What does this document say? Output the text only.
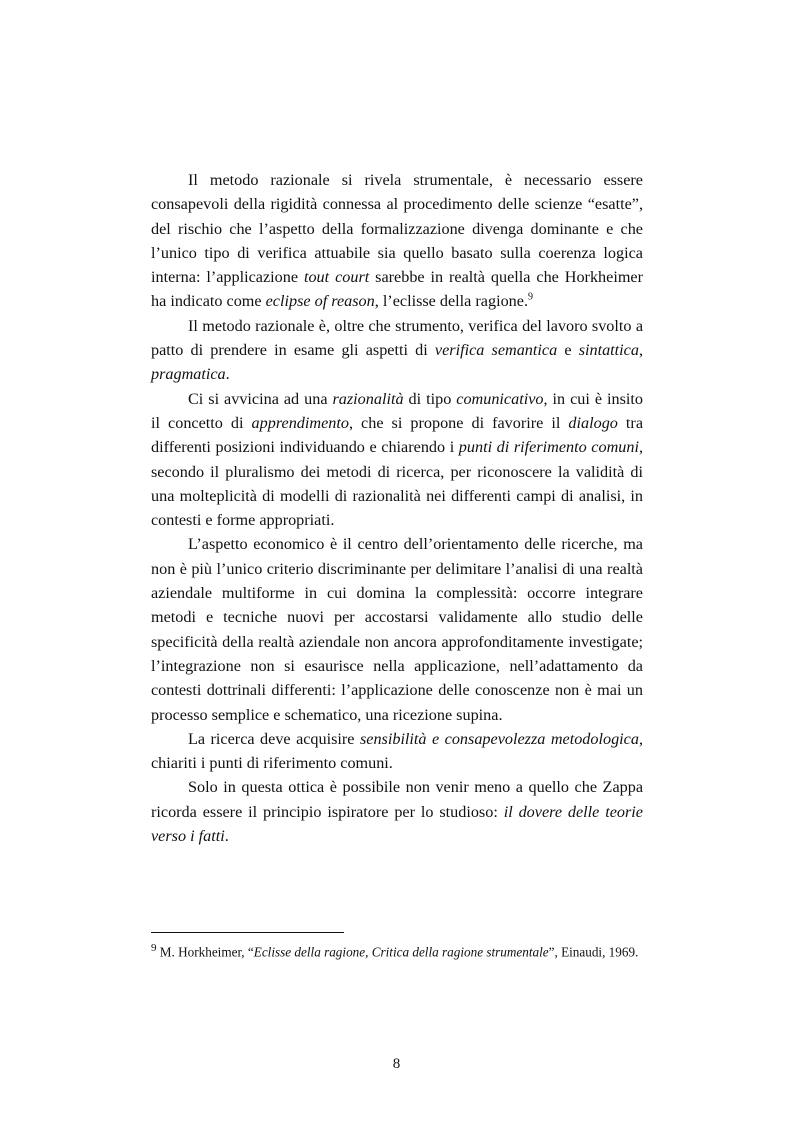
Il metodo razionale si rivela strumentale, è necessario essere consapevoli della rigidità connessa al procedimento delle scienze “esatte”, del rischio che l’aspetto della formalizzazione divenga dominante e che l’unico tipo di verifica attuabile sia quello basato sulla coerenza logica interna: l’applicazione tout court sarebbe in realtà quella che Horkheimer ha indicato come eclipse of reason, l’eclisse della ragione.$^9$

Il metodo razionale è, oltre che strumento, verifica del lavoro svolto a patto di prendere in esame gli aspetti di verifica semantica e sintattica, pragmatica.

Ci si avvicina ad una razionalità di tipo comunicativo, in cui è insito il concetto di apprendimento, che si propone di favorire il dialogo tra differenti posizioni individuando e chiarendo i punti di riferimento comuni, secondo il pluralismo dei metodi di ricerca, per riconoscere la validità di una molteplicità di modelli di razionalità nei differenti campi di analisi, in contesti e forme appropriati.

L’aspetto economico è il centro dell’orientamento delle ricerche, ma non è più l’unico criterio discriminante per delimitare l’analisi di una realtà aziendale multiforme in cui domina la complessità: occorre integrare metodi e tecniche nuovi per accostarsi validamente allo studio delle specificità della realtà aziendale non ancora approfonditamente investigate; l’integrazione non si esaurisce nella applicazione, nell’adattamento da contesti dottrinali differenti: l’applicazione delle conoscenze non è mai un processo semplice e schematico, una ricezione supina.

La ricerca deve acquisire sensibilità e consapevolezza metodologica, chiariti i punti di riferimento comuni.

Solo in questa ottica è possibile non venir meno a quello che Zappa ricorda essere il principio ispiratore per lo studioso: il dovere delle teorie verso i fatti.

$^9$ M. Horkheimer, “Eclisse della ragione, Critica della ragione strumentale”, Einaudi, 1969.

8
